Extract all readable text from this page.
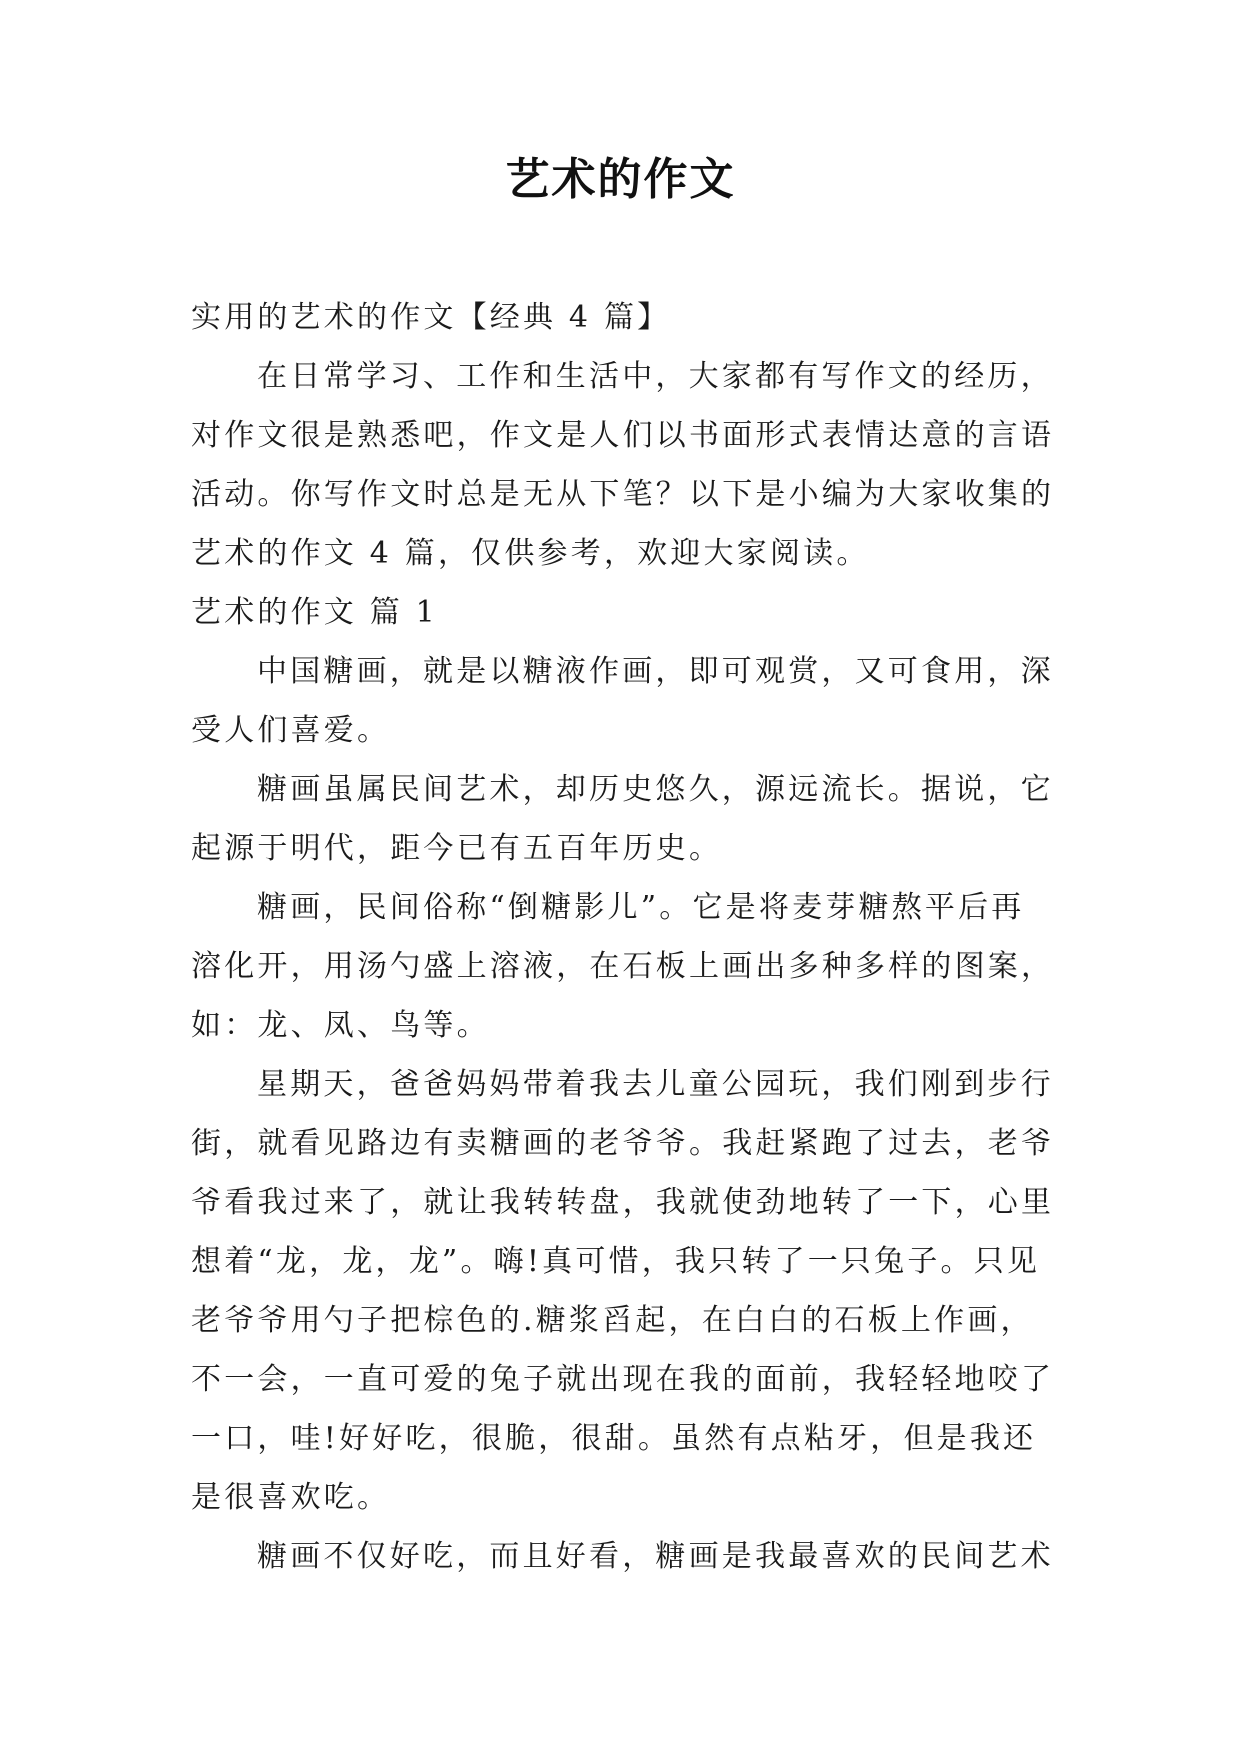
艺术的作文
实用的艺术的作文【经典 4 篇】
在日常学习、工作和生活中，大家都有写作文的经历，
对作文很是熟悉吧，作文是人们以书面形式表情达意的言语
活动。你写作文时总是无从下笔？以下是小编为大家收集的
艺术的作文 4 篇，仅供参考，欢迎大家阅读。
艺术的作文 篇 1
中国糖画，就是以糖液作画，即可观赏，又可食用，深
受人们喜爱。
糖画虽属民间艺术，却历史悠久，源远流长。据说，它
起源于明代，距今已有五百年历史。
糖画，民间俗称“倒糖影儿”。它是将麦芽糖熬平后再
溶化开，用汤勺盛上溶液，在石板上画出多种多样的图案，
如：龙、凤、鸟等。
星期天，爸爸妈妈带着我去儿童公园玩，我们刚到步行
街，就看见路边有卖糖画的老爷爷。我赶紧跑了过去，老爷
爷看我过来了，就让我转转盘，我就使劲地转了一下，心里
想着“龙，龙，龙”。嗨!真可惜，我只转了一只兔子。只见
老爷爷用勺子把棕色的.糖浆舀起，在白白的石板上作画，
不一会，一直可爱的兔子就出现在我的面前，我轻轻地咬了
一口，哇!好好吃，很脆，很甜。虽然有点粘牙，但是我还
是很喜欢吃。
糖画不仅好吃，而且好看，糖画是我最喜欢的民间艺术
